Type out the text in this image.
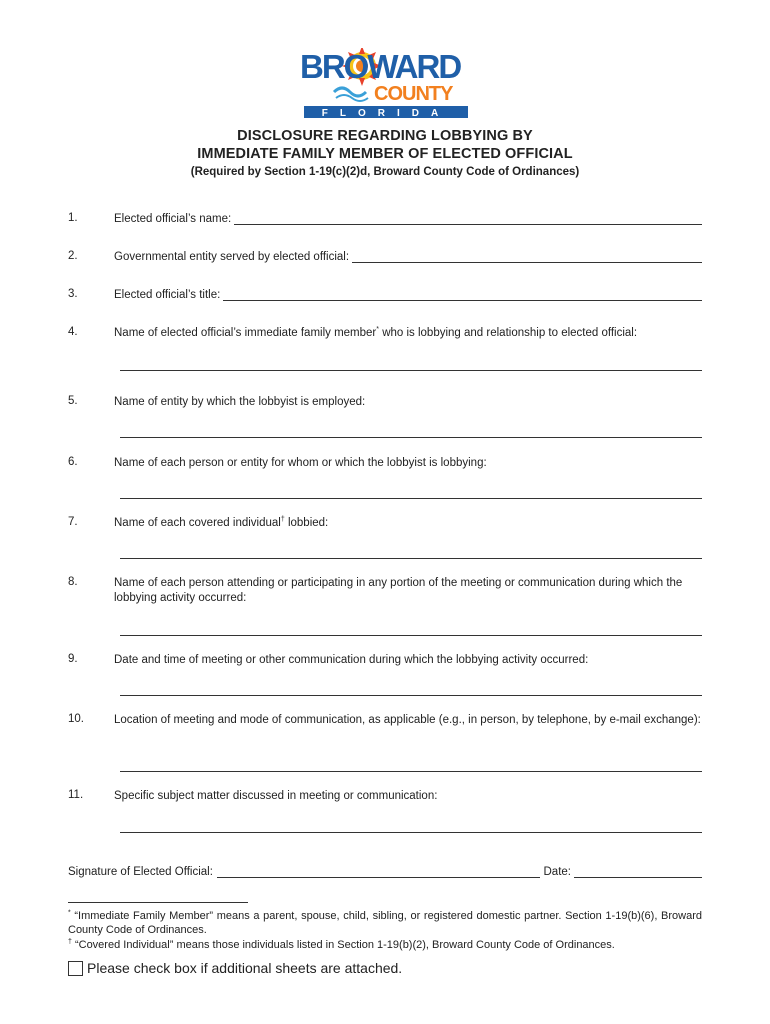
BROWARD
COUNTY
FLORIDA
DISCLOSURE REGARDING LOBBYING BY
IMMEDIATE FAMILY MEMBER OF ELECTED OFFICIAL
(Required by Section 1-19(c)(2)d, Broward County Code of Ordinances)
1.	Elected official’s name:
2.	Governmental entity served by elected official:
3.	Elected official’s title:
4.	Name of elected official’s immediate family member* who is lobbying and relationship to elected official:
5.	Name of entity by which the lobbyist is employed:
6.	Name of each person or entity for whom or which the lobbyist is lobbying:
7.	Name of each covered individual† lobbied:
8.	Name of each person attending or participating in any portion of the meeting or communication during which the lobbying activity occurred:
9.	Date and time of meeting or other communication during which the lobbying activity occurred:
10.	Location of meeting and mode of communication, as applicable (e.g., in person, by telephone, by e-mail exchange):
11.	Specific subject matter discussed in meeting or communication:
Signature of Elected Official:	Date:
* “Immediate Family Member” means a parent, spouse, child, sibling, or registered domestic partner. Section 1-19(b)(6), Broward County Code of Ordinances.
† “Covered Individual” means those individuals listed in Section 1-19(b)(2), Broward County Code of Ordinances.
Please check box if additional sheets are attached.
